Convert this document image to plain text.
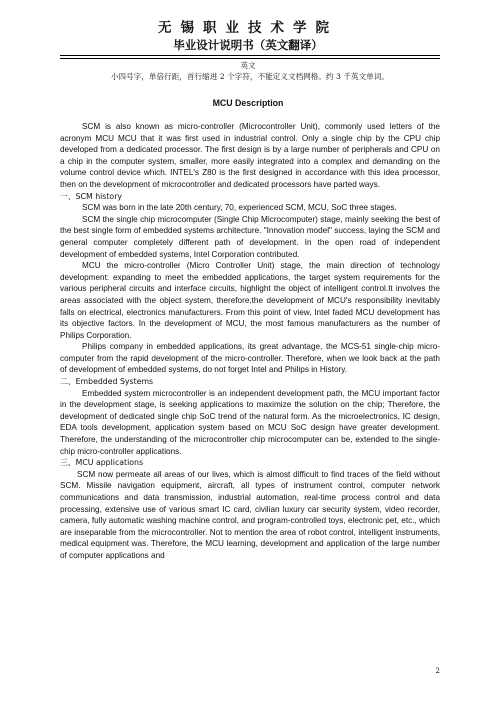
无锡职业技术学院
毕业设计说明书（英文翻译）
英文
小四号字，单倍行距，首行缩进 2 个字符，不能定义文档网格。约 3 千英文单词。
MCU Description

SCM is also known as micro-controller (Microcontroller Unit), commonly used letters of the acronym MCU MCU that it was first used in industrial control. Only a single chip by the CPU chip developed from a dedicated processor. The first design is by a large number of peripherals and CPU on a chip in the computer system, smaller, more easily integrated into a complex and demanding on the volume control device which. INTEL's Z80 is the first designed in accordance with this idea processor, then on the development of microcontroller and dedicated processors have parted ways.

一、SCM history

SCM was born in the late 20th century, 70, experienced SCM, MCU, SoC three stages.

SCM the single chip microcomputer (Single Chip Microcomputer) stage, mainly seeking the best of the best single form of embedded systems architecture. "Innovation model" success, laying the SCM and general computer completely different path of development. In the open road of independent development of embedded systems, Intel Corporation contributed.

MCU the micro-controller (Micro Controller Unit) stage, the main direction of technology development: expanding to meet the embedded applications, the target system requirements for the various peripheral circuits and interface circuits, highlight the object of intelligent control.It involves the areas associated with the object system, therefore,the development of MCU's responsibility inevitably falls on electrical, electronics manufacturers. From this point of view, Intel faded MCU development has its objective factors. In the development of MCU, the most famous manufacturers as the number of Philips Corporation.

Philips company in embedded applications, its great advantage, the MCS-51 single-chip micro-computer from the rapid development of the micro-controller. Therefore, when we look back at the path of development of embedded systems, do not forget Intel and Philips in History.

二、Embedded Systems

Embedded system microcontroller is an independent development path, the MCU important factor in the development stage, is seeking applications to maximize the solution on the chip; Therefore, the development of dedicated single chip SoC trend of the natural form. As the microelectronics, IC design, EDA tools development, application system based on MCU SoC design have greater development. Therefore, the understanding of the microcontroller chip microcomputer can be, extended to the single-chip micro-controller applications.

三、MCU applications

SCM now permeate all areas of our lives, which is almost difficult to find traces of the field without SCM. Missile navigation equipment, aircraft, all types of instrument control, computer network communications and data transmission, industrial automation, real-time process control and data processing, extensive use of various smart IC card, civilian luxury car security system, video recorder, camera, fully automatic washing machine control, and program-controlled toys, electronic pet, etc., which are inseparable from the microcontroller. Not to mention the area of robot control, intelligent instruments, medical equipment was. Therefore, the MCU learning, development and application of the large number of computer applications and

2
